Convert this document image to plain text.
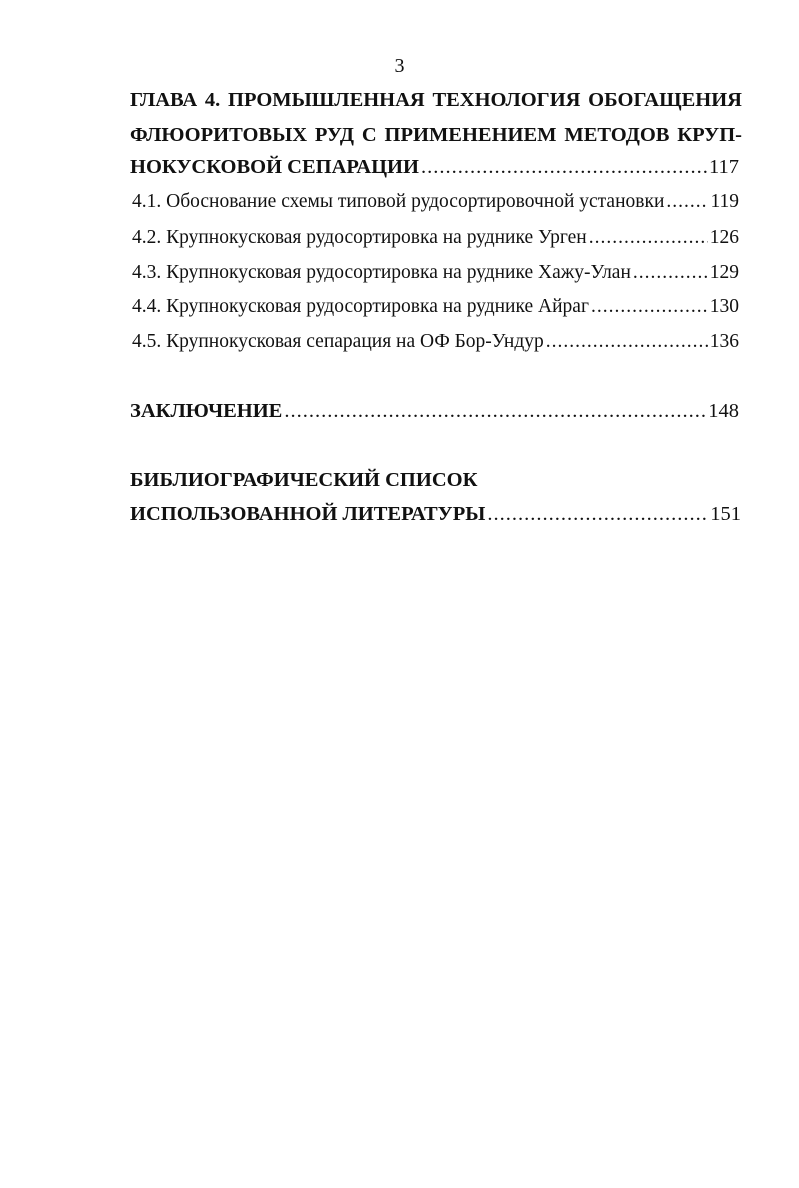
3
ГЛАВА 4. ПРОМЫШЛЕННАЯ ТЕХНОЛОГИЯ ОБОГАЩЕНИЯ
ФЛЮОРИТОВЫХ РУД С ПРИМЕНЕНИЕМ МЕТОДОВ КРУП-
НОКУСКОВОЙ СЕПАРАЦИИ .....	117
4.1. Обоснование схемы типовой рудосортировочной установки ..... 119
4.2. Крупнокусковая рудосортировка на руднике Урген .....	126
4.3. Крупнокусковая рудосортировка на руднике Хажу-Улан .....	129
4.4. Крупнокусковая рудосортировка на руднике Айраг .....	130
4.5. Крупнокусковая сепарация на ОФ Бор-Ундур .....	136
ЗАКЛЮЧЕНИЕ .....	148
БИБЛИОГРАФИЧЕСКИЙ СПИСОК
ИСПОЛЬЗОВАННОЙ ЛИТЕРАТУРЫ .....	151
